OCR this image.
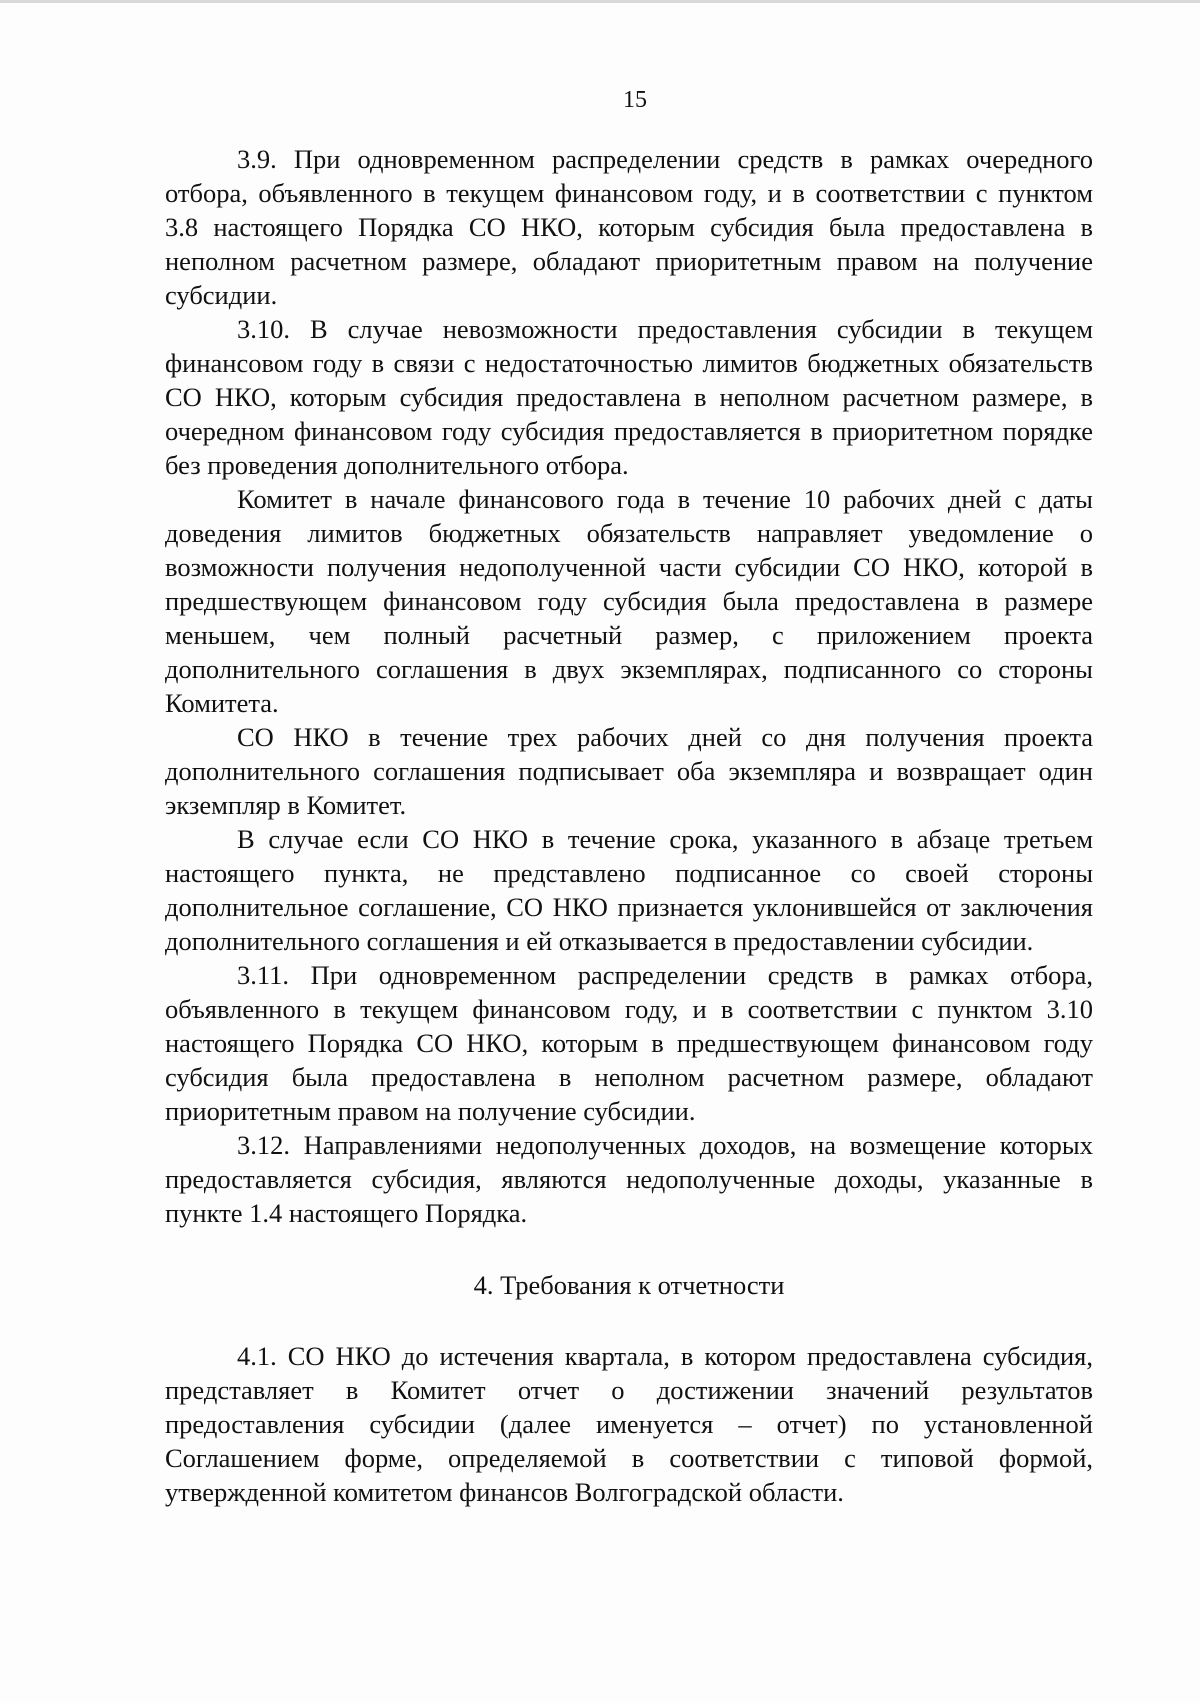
15

3.9. При одновременном распределении средств в рамках очередного отбора, объявленного в текущем финансовом году, и в соответствии с пунктом 3.8 настоящего Порядка СО НКО, которым субсидия была предоставлена в неполном расчетном размере, обладают приоритетным правом на получение субсидии.

3.10. В случае невозможности предоставления субсидии в текущем финансовом году в связи с недостаточностью лимитов бюджетных обязательств СО НКО, которым субсидия предоставлена в неполном расчетном размере, в очередном финансовом году субсидия предоставляется в приоритетном порядке без проведения дополнительного отбора.

Комитет в начале финансового года в течение 10 рабочих дней с даты доведения лимитов бюджетных обязательств направляет уведомление о возможности получения недополученной части субсидии СО НКО, которой в предшествующем финансовом году субсидия была предоставлена в размере меньшем, чем полный расчетный размер, с приложением проекта дополнительного соглашения в двух экземплярах, подписанного со стороны Комитета.

СО НКО в течение трех рабочих дней со дня получения проекта дополнительного соглашения подписывает оба экземпляра и возвращает один экземпляр в Комитет.

В случае если СО НКО в течение срока, указанного в абзаце третьем настоящего пункта, не представлено подписанное со своей стороны дополнительное соглашение, СО НКО признается уклонившейся от заключения дополнительного соглашения и ей отказывается в предоставлении субсидии.

3.11. При одновременном распределении средств в рамках отбора, объявленного в текущем финансовом году, и в соответствии с пунктом 3.10 настоящего Порядка СО НКО, которым в предшествующем финансовом году субсидия была предоставлена в неполном расчетном размере, обладают приоритетным правом на получение субсидии.

3.12. Направлениями недополученных доходов, на возмещение которых предоставляется субсидия, являются недополученные доходы, указанные в пункте 1.4 настоящего Порядка.

4. Требования к отчетности

4.1. СО НКО до истечения квартала, в котором предоставлена субсидия, представляет в Комитет отчет о достижении значений результатов предоставления субсидии (далее именуется – отчет) по установленной Соглашением форме, определяемой в соответствии с типовой формой, утвержденной комитетом финансов Волгоградской области.
